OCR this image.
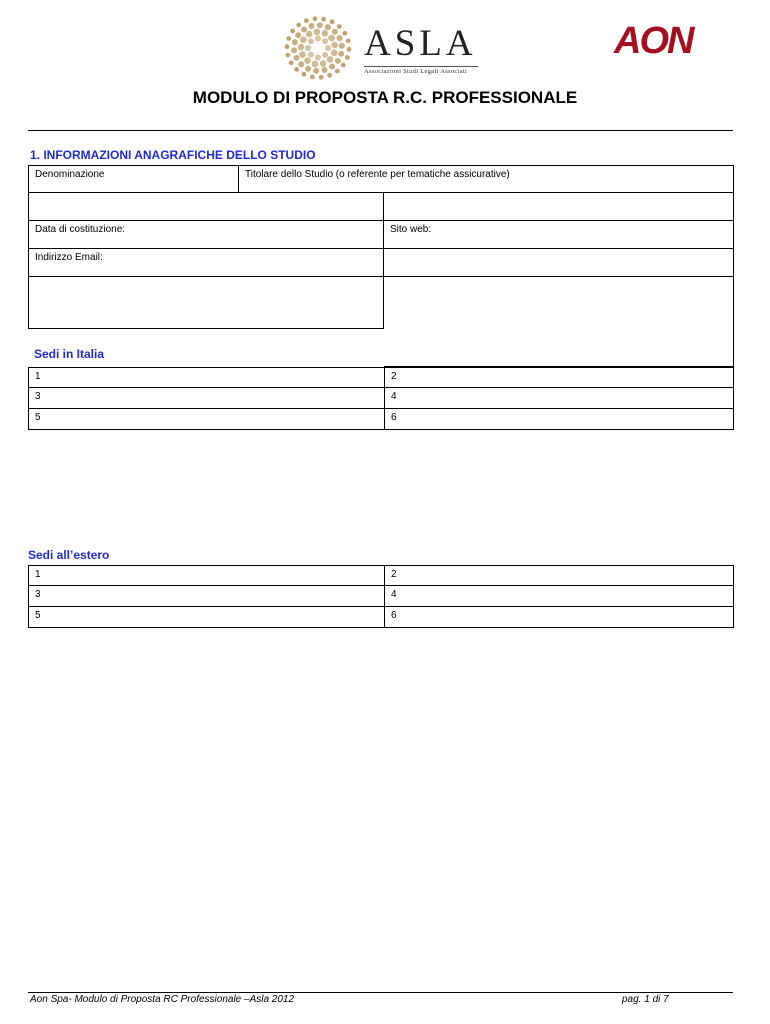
ASLA
Associazioni Studi Legali Associati
AON
MODULO DI PROPOSTA R.C. PROFESSIONALE
1. INFORMAZIONI ANAGRAFICHE DELLO STUDIO
Denominazione	Titolare dello Studio (o referente per tematiche assicurative)
Data di costituzione:	Sito web:
Indirizzo Email:
Sedi in Italia
1	2
3	4
5	6
Sedi all’estero
1	2
3	4
5	6
Aon Spa- Modulo di Proposta RC Professionale –Asla 2012	pag. 1 di 7
